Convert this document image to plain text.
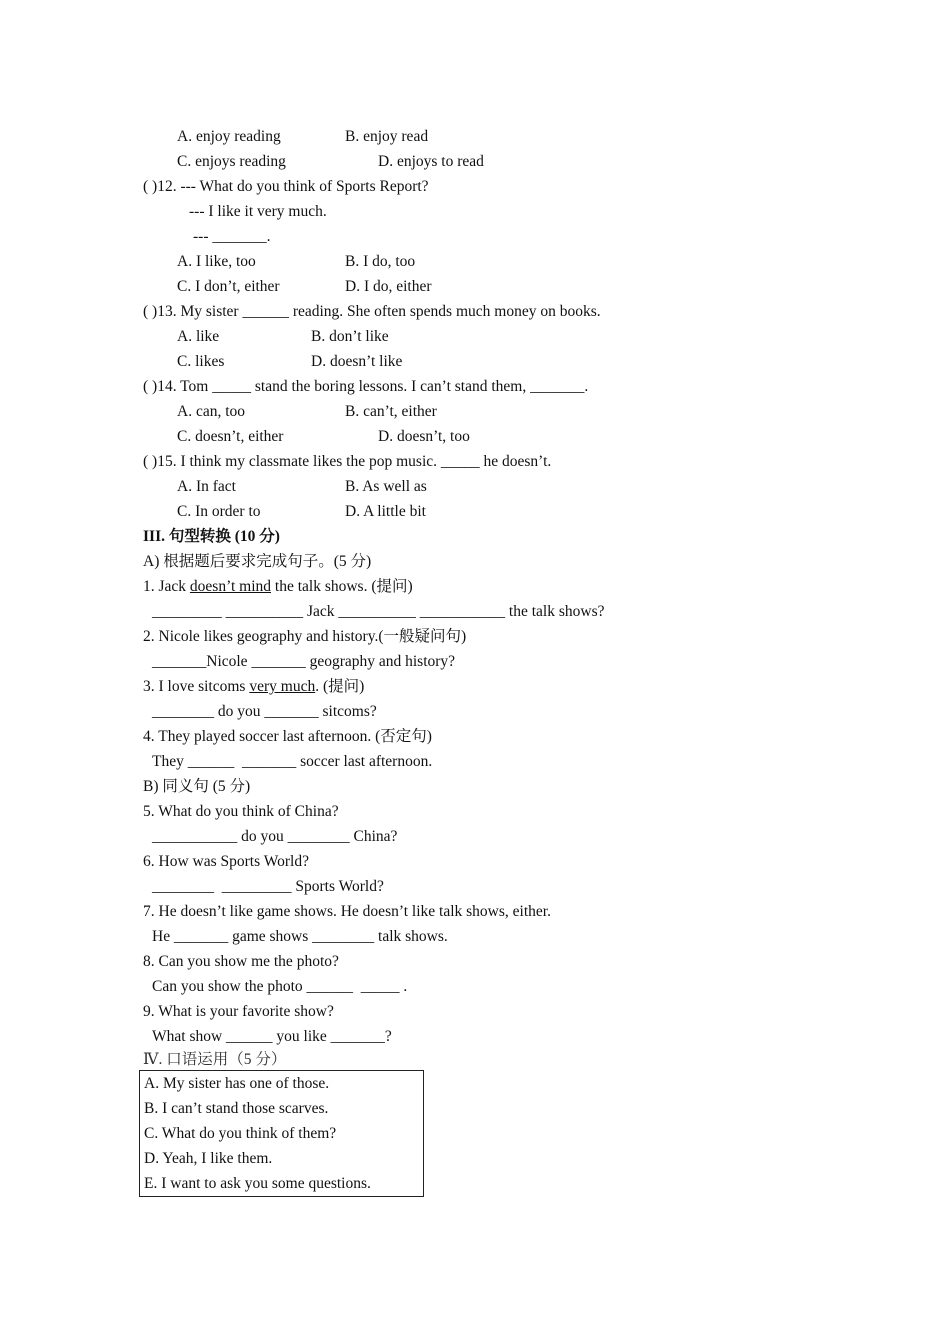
A. enjoy reading	B. enjoy read
C. enjoys reading	D. enjoys to read
( )12. --- What do you think of Sports Report?
--- I like it very much.
--- _______.
A. I like, too	B. I do, too
C. I don’t, either	D. I do, either
( )13. My sister ______ reading. She often spends much money on books.
A. like	B. don’t like
C. likes	D. doesn’t like
( )14. Tom _____ stand the boring lessons. I can’t stand them, _______.
A. can, too	B. can’t, either
C. doesn’t, either	D. doesn’t, too
( )15. I think my classmate likes the pop music. _____ he doesn’t.
A. In fact	B. As well as
C. In order to	D. A little bit
III. 句型转换 (10 分)
A) 根据题后要求完成句子。(5 分)
1. Jack doesn’t mind the talk shows. (提问)
_________ __________ Jack __________ ___________ the talk shows?
2. Nicole likes geography and history.(一般疑问句)
_______Nicole _______ geography and history?
3. I love sitcoms very much. (提问)
________ do you _______ sitcoms?
4. They played soccer last afternoon. (否定句)
They ______  _______ soccer last afternoon.
B) 同义句 (5 分)
5. What do you think of China?
___________ do you ________ China?
6. How was Sports World?
________  _________ Sports World?
7. He doesn’t like game shows. He doesn’t like talk shows, either.
He _______ game shows ________ talk shows.
8. Can you show me the photo?
Can you show the photo ______  _____ .
9. What is your favorite show?
What show ______ you like _______?
Ⅳ. 口语运用（5 分）
A. My sister has one of those.
B. I can’t stand those scarves.
C. What do you think of them?
D. Yeah, I like them.
E. I want to ask you some questions.
